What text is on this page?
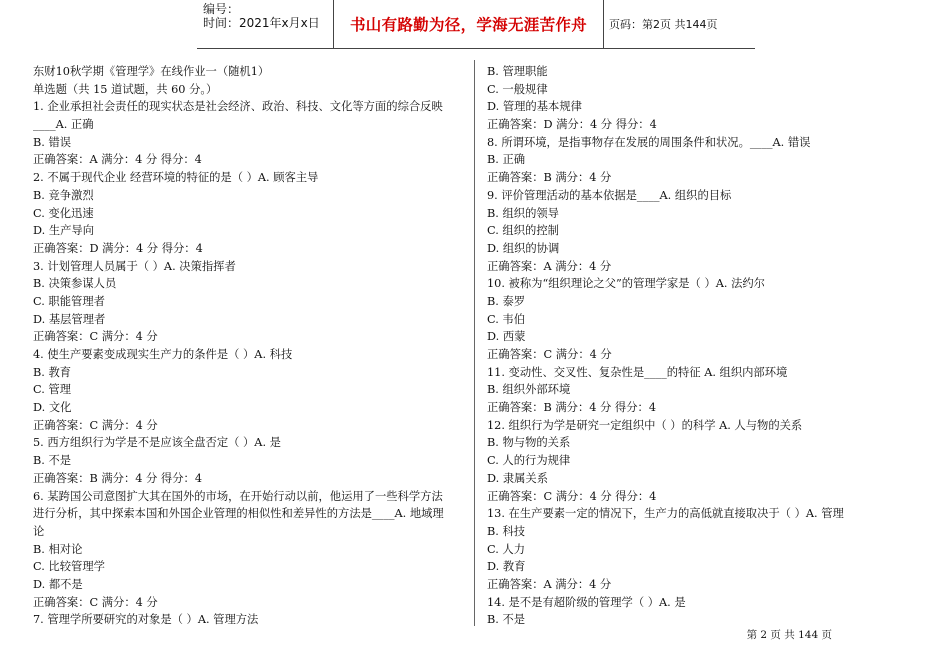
编号：
时间：2021年x月x日	书山有路勤为径，学海无涯苦作舟	页码：第2页 共144页
东财10秋学期《管理学》在线作业一（随机1）
单选题（共 15 道试题，共 60 分。）
1. 企业承担社会责任的现实状态是社会经济、政治、科技、文化等方面的综合反映
____A. 正确
B. 错误
正确答案：A 满分：4 分 得分：4
2. 不属于现代企业 经营环境的特征的是（ ）A. 顾客主导
B. 竞争激烈
C. 变化迅速
D. 生产导向
正确答案：D 满分：4 分 得分：4
3. 计划管理人员属于（ ）A. 决策指挥者
B. 决策参谋人员
C. 职能管理者
D. 基层管理者
正确答案：C 满分：4 分
4. 使生产要素变成现实生产力的条件是（ ）A. 科技
B. 教育
C. 管理
D. 文化
正确答案：C 满分：4 分
5. 西方组织行为学是不是应该全盘否定（ ）A. 是
B. 不是
正确答案：B 满分：4 分 得分：4
6. 某跨国公司意图扩大其在国外的市场，在开始行动以前，他运用了一些科学方法
进行分析，其中探索本国和外国企业管理的相似性和差异性的方法是____A. 地域理
论
B. 相对论
C. 比较管理学
D. 都不是
正确答案：C 满分：4 分
7. 管理学所要研究的对象是（ ）A. 管理方法
B. 管理职能
C. 一般规律
D. 管理的基本规律
正确答案：D 满分：4 分 得分：4
8. 所谓环境，是指事物存在发展的周围条件和状况。____A. 错误
B. 正确
正确答案：B 满分：4 分
9. 评价管理活动的基本依据是____A. 组织的目标
B. 组织的领导
C. 组织的控制
D. 组织的协调
正确答案：A 满分：4 分
10. 被称为“组织理论之父”的管理学家是（ ）A. 法约尔
B. 泰罗
C. 韦伯
D. 西蒙
正确答案：C 满分：4 分
11. 变动性、交叉性、复杂性是____的特征 A. 组织内部环境
B. 组织外部环境
正确答案：B 满分：4 分 得分：4
12. 组织行为学是研究一定组织中（ ）的科学 A. 人与物的关系
B. 物与物的关系
C. 人的行为规律
D. 隶属关系
正确答案：C 满分：4 分 得分：4
13. 在生产要素一定的情况下，生产力的高低就直接取决于（ ）A. 管理
B. 科技
C. 人力
D. 教育
正确答案：A 满分：4 分
14. 是不是有超阶级的管理学（ ）A. 是
B. 不是
第 2 页 共 144 页
